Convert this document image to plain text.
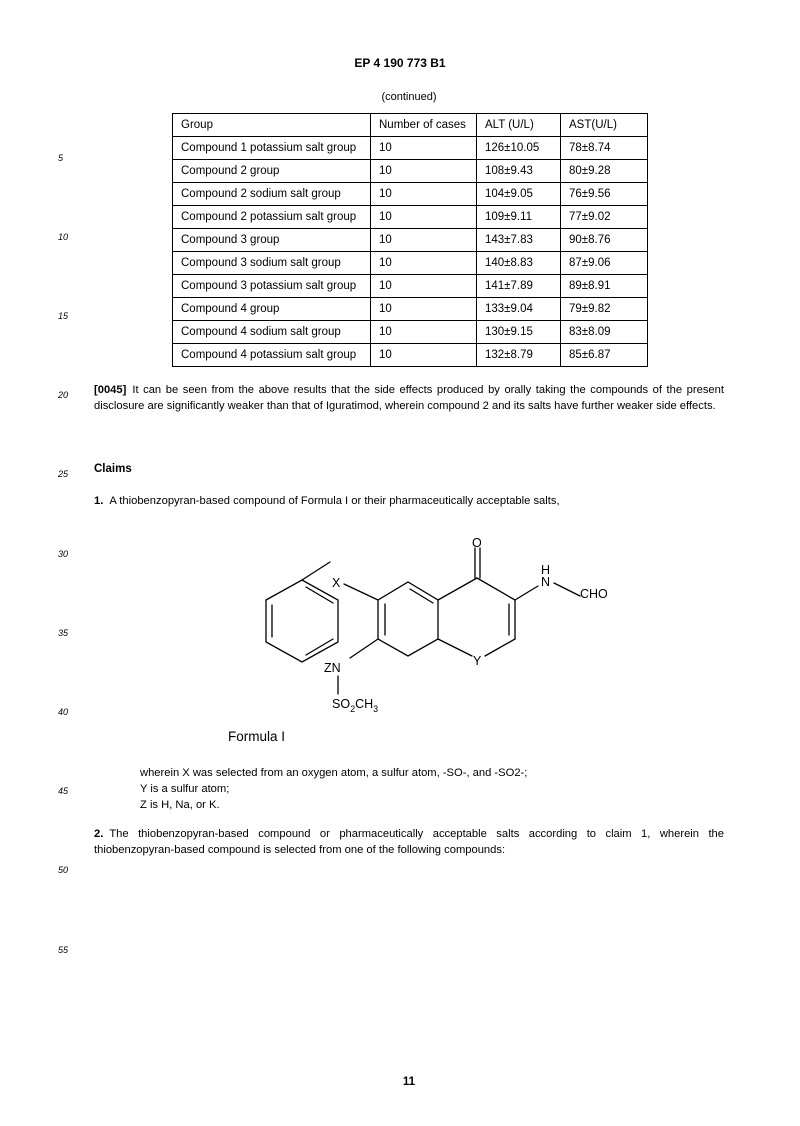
EP 4 190 773 B1
(continued)
5
10
15
20
25
30
35
40
45
50
55
Group	Number of cases	ALT (U/L)	AST(U/L)
Compound 1 potassium salt group	10	126±10.05	78±8.74
Compound 2 group	10	108±9.43	80±9.28
Compound 2 sodium salt group	10	104±9.05	76±9.56
Compound 2 potassium salt group	10	109±9.11	77±9.02
Compound 3 group	10	143±7.83	90±8.76
Compound 3 sodium salt group	10	140±8.83	87±9.06
Compound 3 potassium salt group	10	141±7.89	89±8.91
Compound 4 group	10	133±9.04	79±9.82
Compound 4 sodium salt group	10	130±9.15	83±8.09
Compound 4 potassium salt group	10	132±8.79	85±6.87
[0045] It can be seen from the above results that the side effects produced by orally taking the compounds of the present disclosure are significantly weaker than that of Iguratimod, wherein compound 2 and its salts have further weaker side effects.
Claims
1. A thiobenzopyran-based compound of Formula I or their pharmaceutically acceptable salts,
O
H
N
CHO
X
Y
ZN
$SO_2CH_3$
Formula I
wherein X was selected from an oxygen atom, a sulfur atom, -SO-, and -SO2-;
Y is a sulfur atom;
Z is H, Na, or K.
2. The thiobenzopyran-based compound or pharmaceutically acceptable salts according to claim 1, wherein the thiobenzopyran-based compound is selected from one of the following compounds:
11
